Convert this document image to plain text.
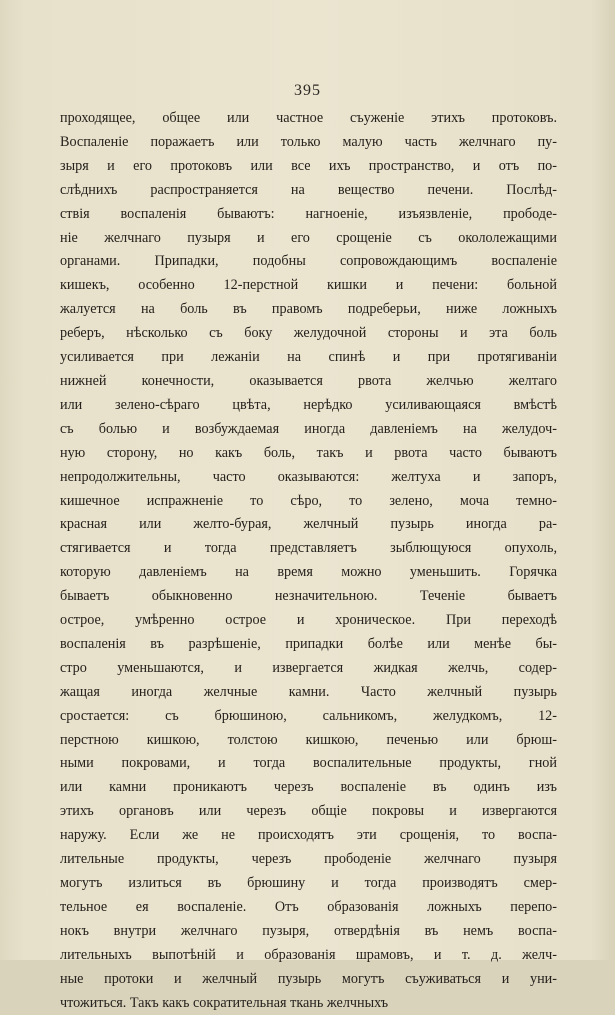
395
проходящее, общее или частное съуженіе этихъ протоковъ.
Воспаленіе поражаетъ или только малую часть желчнаго пу-
зыря и его протоковъ или все ихъ пространство, и отъ по-
слѣднихъ распространяется на вещество печени. Послѣд-
ствія воспаленія бываютъ: нагноеніе, изъязвленіе, прободе-
ніе желчнаго пузыря и его срощеніе съ окололежащими
органами. Припадки, подобны сопровождающимъ воспаленіе
кишекъ, особенно 12-перстной кишки и печени: больной
жалуется на боль въ правомъ подреберьи, ниже ложныхъ
реберъ, нѣсколько съ боку желудочной стороны и эта боль
усиливается при лежаніи на спинѣ и при протягиваніи
нижней конечности, оказывается рвота желчью желтаго
или зелено-сѣраго цвѣта, нерѣдко усиливающаяся вмѣстѣ
съ болью и возбуждаемая иногда давленіемъ на желудоч-
ную сторону, но какъ боль, такъ и рвота часто бываютъ
непродолжительны, часто оказываются: желтуха и запоръ,
кишечное испражненіе то сѣро, то зелено, моча темно-
красная или желто-бурая, желчный пузырь иногда ра-
стягивается и тогда представляетъ зыблющуюся опухоль,
которую давленіемъ на время можно уменьшить. Горячка
бываетъ обыкновенно незначительною. Теченіе бываетъ
острое, умѣренно острое и хроническое. При переходѣ
воспаленія въ разрѣшеніе, припадки болѣе или менѣе бы-
стро уменьшаются, и извергается жидкая желчь, содер-
жащая иногда желчные камни. Часто желчный пузырь
сростается: съ брюшиною, сальникомъ, желудкомъ, 12-
перстною кишкою, толстою кишкою, печенью или брюш-
ными покровами, и тогда воспалительные продукты, гной
или камни проникаютъ черезъ воспаленіе въ одинъ изъ
этихъ органовъ или черезъ общіе покровы и извергаются
наружу. Если же не происходятъ эти срощенія, то воспа-
лительные продукты, черезъ прободеніе желчнаго пузыря
могутъ излиться въ брюшину и тогда производятъ смер-
тельное ея воспаленіе. Отъ образованія ложныхъ перепо-
нокъ внутри желчнаго пузыря, отвердѣнія въ немъ воспа-
лительныхъ выпотѣній и образованія шрамовъ, и т. д. желч-
ные протоки и желчный пузырь могутъ съуживаться и уни-
чтожиться. Такъ какъ сократительная ткань желчныхъ
